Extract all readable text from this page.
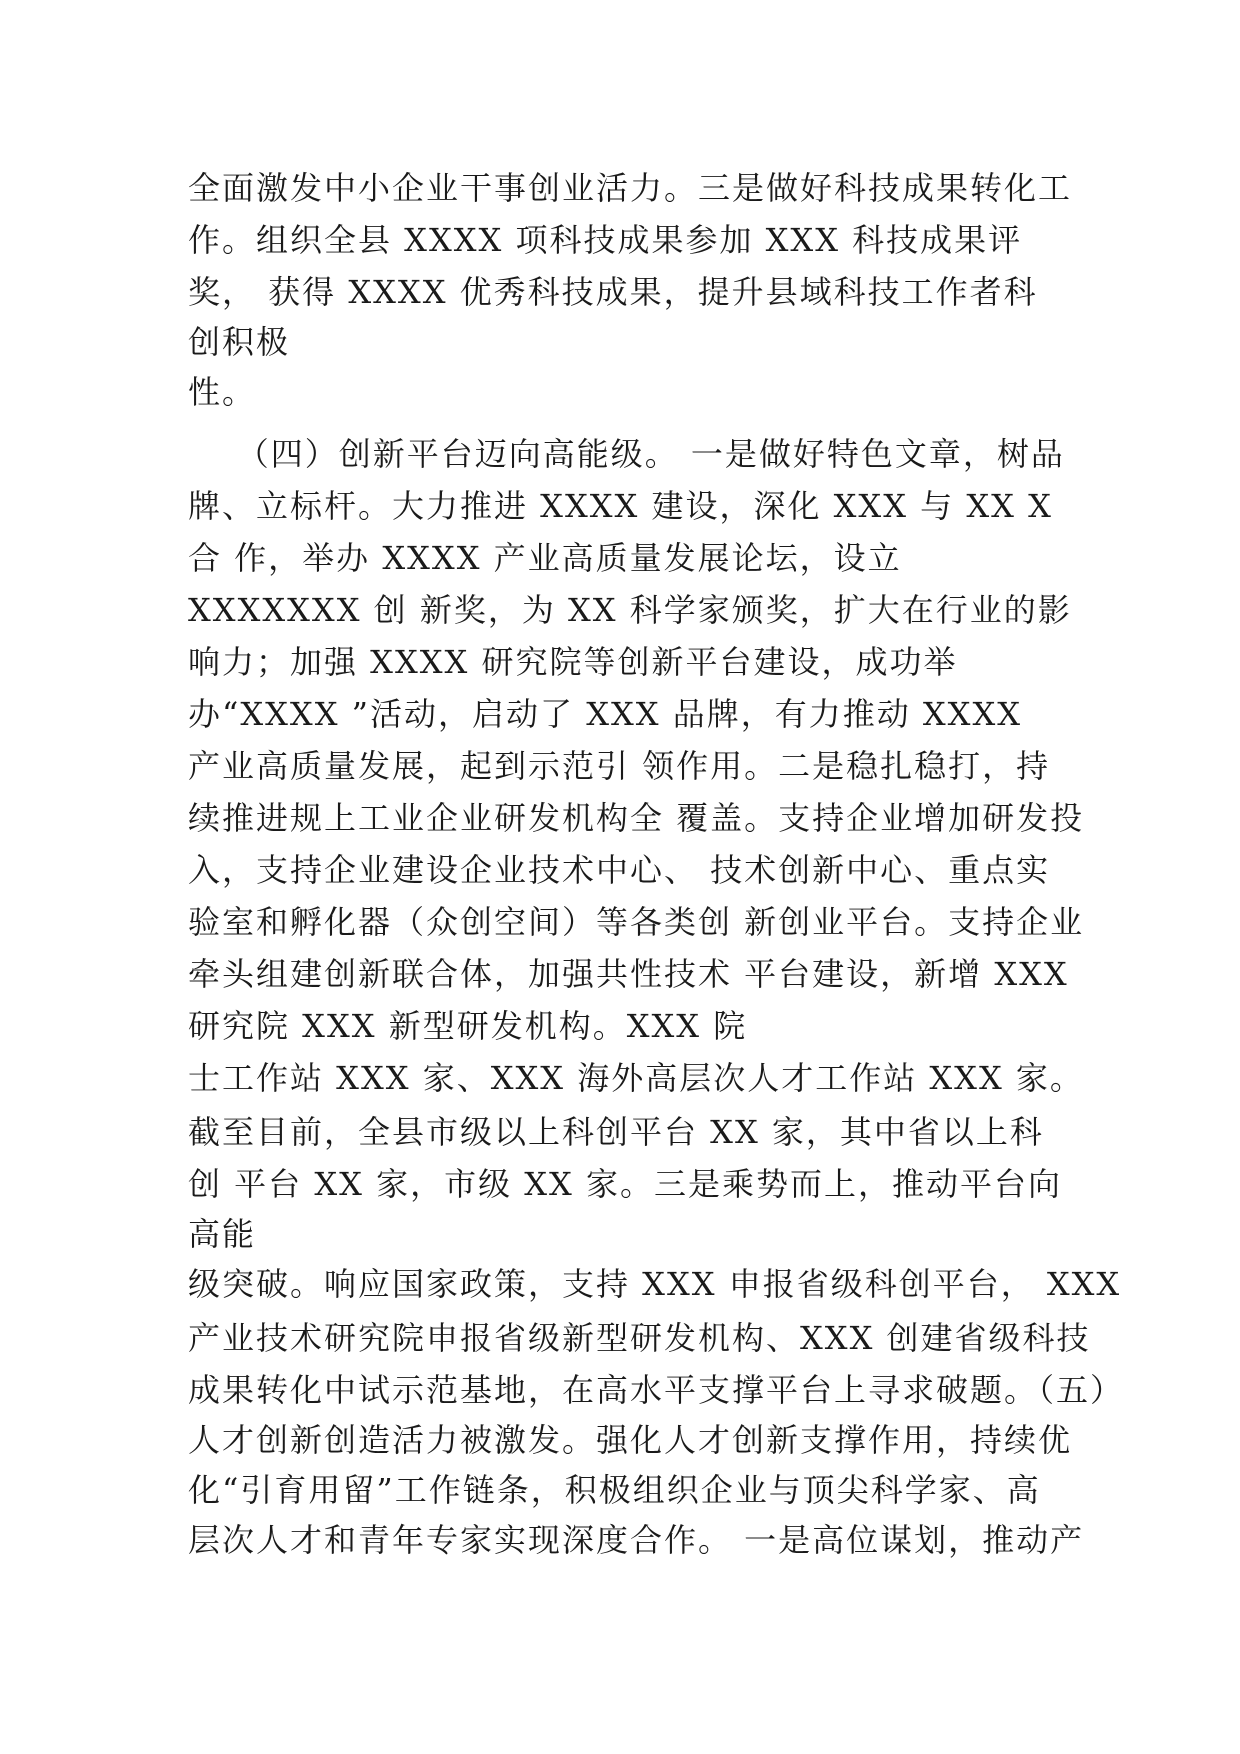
全面激发中小企业干事创业活力。三是做好科技成果转化工
作。组织全县 XXXX 项科技成果参加 XXX 科技成果评
奖， 获得 XXXX 优秀科技成果，提升县域科技工作者科
创积极
性。
（四）创新平台迈向高能级。 一是做好特色文章，树品
牌、立标杆。大力推进 XXXX 建设，深化 XXX 与 XX X
合 作，举办 XXXX 产业高质量发展论坛，设立
XXXXXXX 创 新奖，为 XX 科学家颁奖，扩大在行业的影
响力；加强 XXXX 研究院等创新平台建设，成功举
办“XXXX ”活动，启动了 XXX 品牌，有力推动 XXXX
产业高质量发展，起到示范引 领作用。二是稳扎稳打，持
续推进规上工业企业研发机构全 覆盖。支持企业增加研发投
入，支持企业建设企业技术中心、 技术创新中心、重点实
验室和孵化器（众创空间）等各类创 新创业平台。支持企业
牵头组建创新联合体，加强共性技术 平台建设，新增 XXX
研究院 XXX 新型研发机构。XXX 院
士工作站 XXX 家、XXX 海外高层次人才工作站 XXX 家。
截至目前，全县市级以上科创平台 XX 家，其中省以上科
创 平台 XX 家，市级 XX 家。三是乘势而上，推动平台向
高能
级突破。响应国家政策，支持 XXX 申报省级科创平台， XXX
产业技术研究院申报省级新型研发机构、XXX 创建省级科技
成果转化中试示范基地，在高水平支撑平台上寻求破题。（五）
人才创新创造活力被激发。强化人才创新支撑作用，持续优
化“引育用留”工作链条，积极组织企业与顶尖科学家、高
层次人才和青年专家实现深度合作。 一是高位谋划，推动产
